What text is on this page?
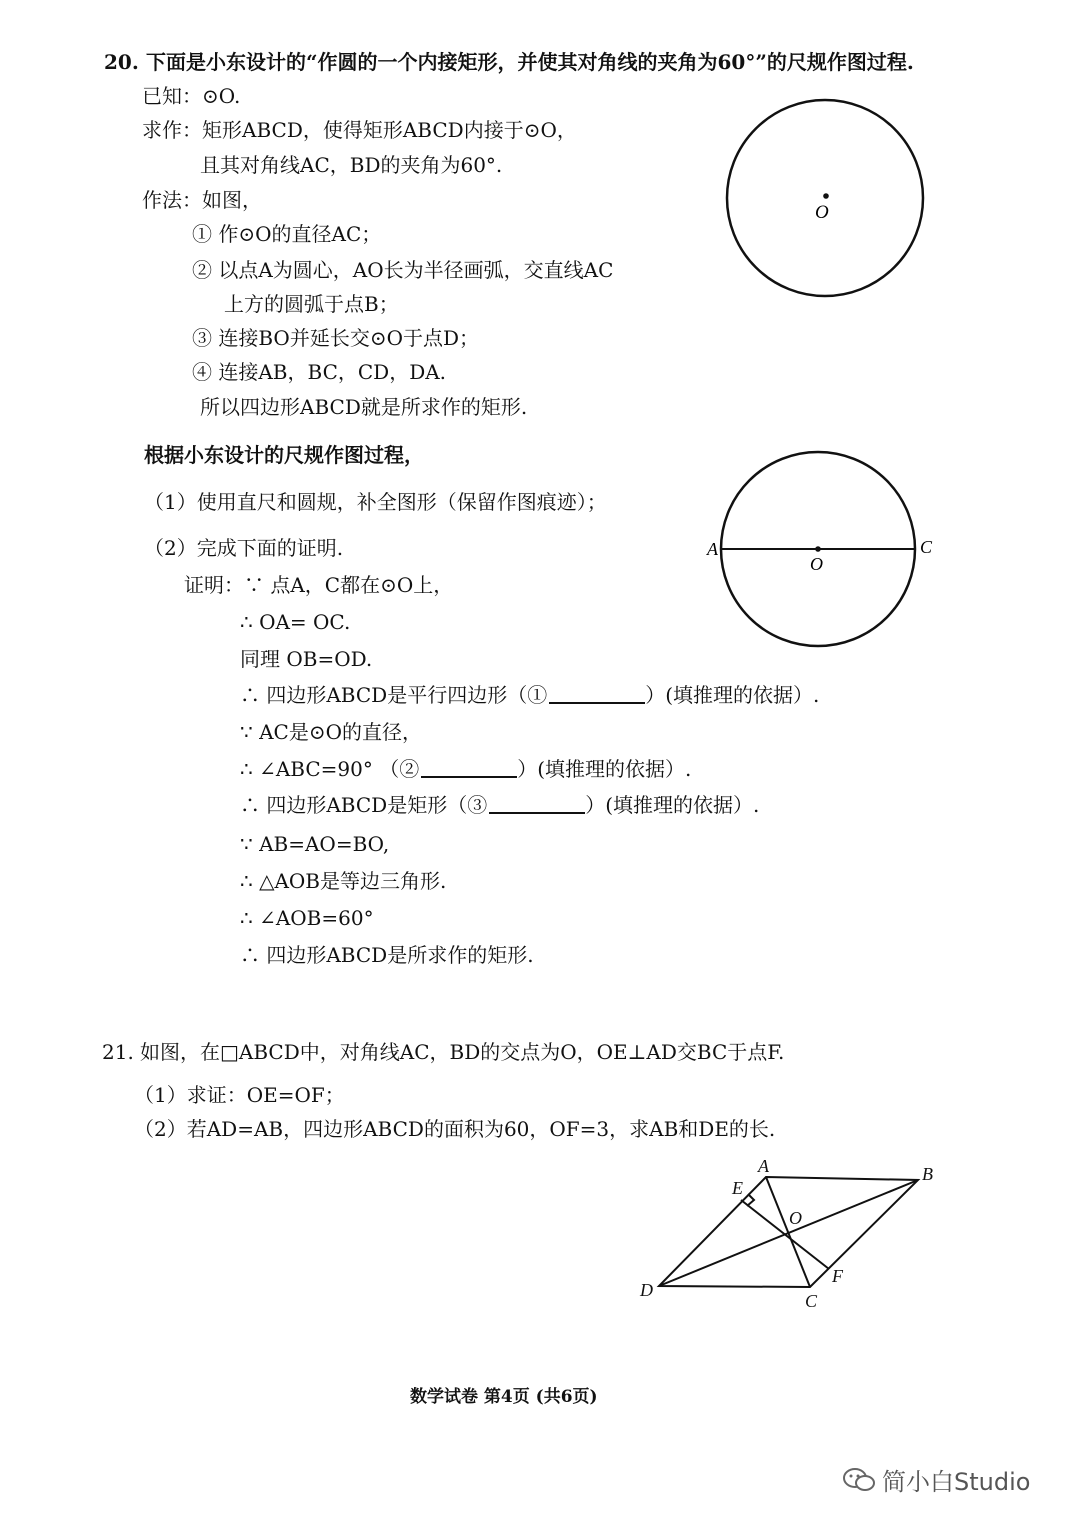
20. 下面是小东设计的“作圆的一个内接矩形，并使其对角线的夹角为60°”的尺规作图过程.
已知：⊙O.
求作：矩形ABCD，使得矩形ABCD内接于⊙O，
且其对角线AC，BD的夹角为60°.
作法：如图，
① 作⊙O的直径AC；
② 以点A为圆心，AO长为半径画弧，交直线AC
上方的圆弧于点B；
③ 连接BO并延长交⊙O于点D；
④ 连接AB，BC，CD，DA.
所以四边形ABCD就是所求作的矩形.
根据小东设计的尺规作图过程，
（1）使用直尺和圆规，补全图形（保留作图痕迹）；
（2）完成下面的证明.
证明：∵ 点A，C都在⊙O上，
∴ OA= OC.
同理 OB=OD.
∴ 四边形ABCD是平行四边形（①	）(填推理的依据）.
∵ AC是⊙O的直径，
∴ ∠ABC=90° （②	）(填推理的依据）.
∴ 四边形ABCD是矩形（③	）(填推理的依据）.
∵ AB=AO=BO,
∴ △AOB是等边三角形.
∴ ∠AOB=60°
∴ 四边形ABCD是所求作的矩形.
21. 如图，在□ABCD中，对角线AC，BD的交点为O，OE⊥AD交BC于点F.
（1）求证：OE=OF；
（2）若AD=AB，四边形ABCD的面积为60，OF=3，求AB和DE的长.
O
A	C
O
A	B
C
D
E
F
O
数学试卷 第4页 (共6页)
简小白Studio
